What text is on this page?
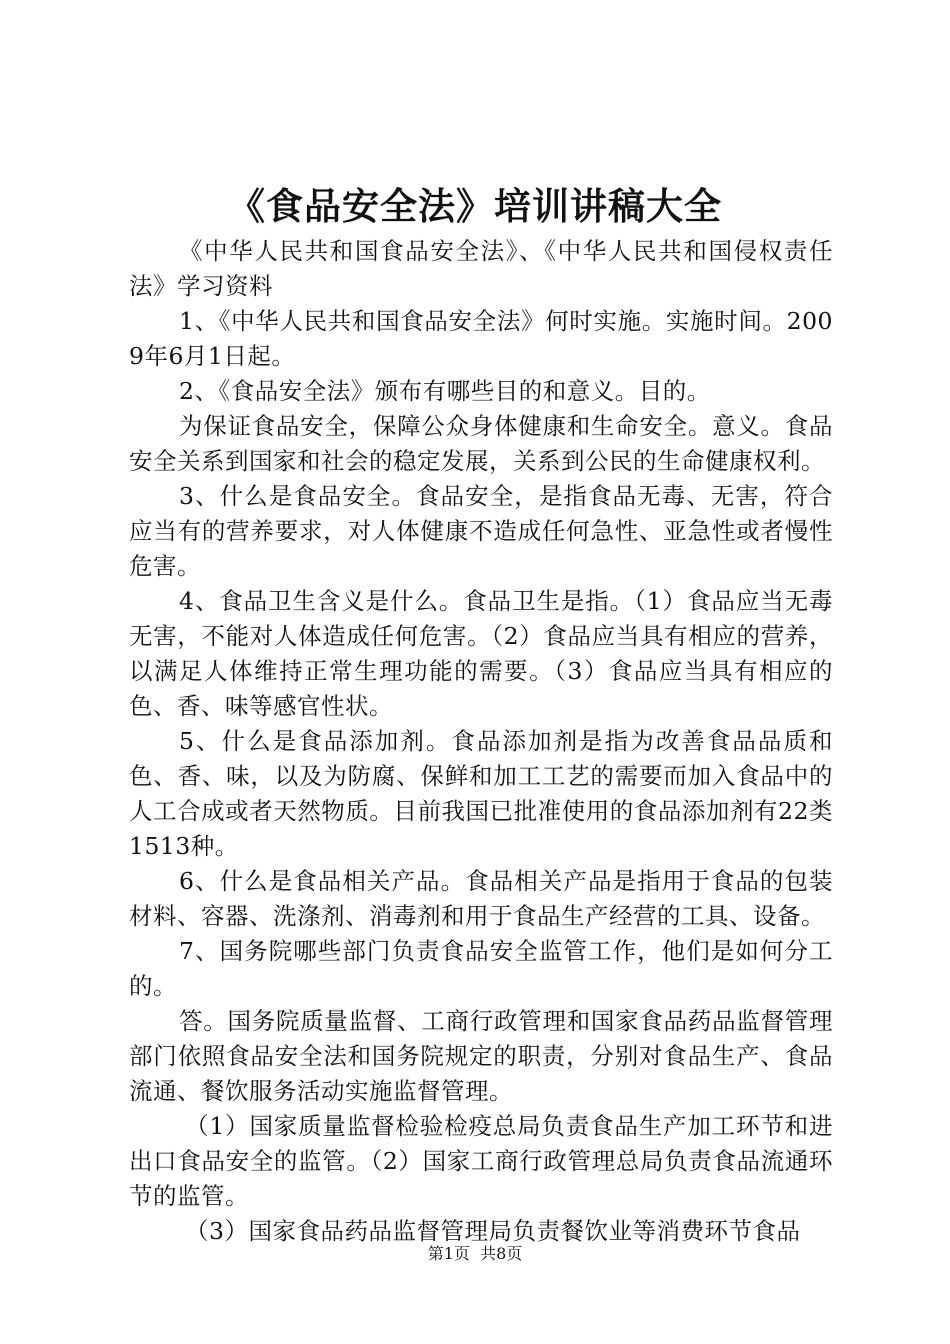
《食品安全法》培训讲稿大全

《中华人民共和国食品安全法》、《中华人民共和国侵权责任法》学习资料

1、《中华人民共和国食品安全法》何时实施。实施时间。2009年6月1日起。

2、《食品安全法》颁布有哪些目的和意义。目的。

为保证食品安全，保障公众身体健康和生命安全。意义。食品安全关系到国家和社会的稳定发展，关系到公民的生命健康权利。

3、什么是食品安全。食品安全，是指食品无毒、无害，符合应当有的营养要求，对人体健康不造成任何急性、亚急性或者慢性危害。

4、食品卫生含义是什么。食品卫生是指。（1）食品应当无毒无害，不能对人体造成任何危害。（2）食品应当具有相应的营养，以满足人体维持正常生理功能的需要。（3）食品应当具有相应的色、香、味等感官性状。

5、什么是食品添加剂。食品添加剂是指为改善食品品质和色、香、味，以及为防腐、保鲜和加工工艺的需要而加入食品中的人工合成或者天然物质。目前我国已批准使用的食品添加剂有22类1513种。

6、什么是食品相关产品。食品相关产品是指用于食品的包装材料、容器、洗涤剂、消毒剂和用于食品生产经营的工具、设备。

7、国务院哪些部门负责食品安全监管工作，他们是如何分工的。

答。国务院质量监督、工商行政管理和国家食品药品监督管理部门依照食品安全法和国务院规定的职责，分别对食品生产、食品流通、餐饮服务活动实施监督管理。

（1）国家质量监督检验检疫总局负责食品生产加工环节和进出口食品安全的监管。（2）国家工商行政管理总局负责食品流通环节的监管。

（3）国家食品药品监督管理局负责餐饮业等消费环节食品

第1页  共8页
